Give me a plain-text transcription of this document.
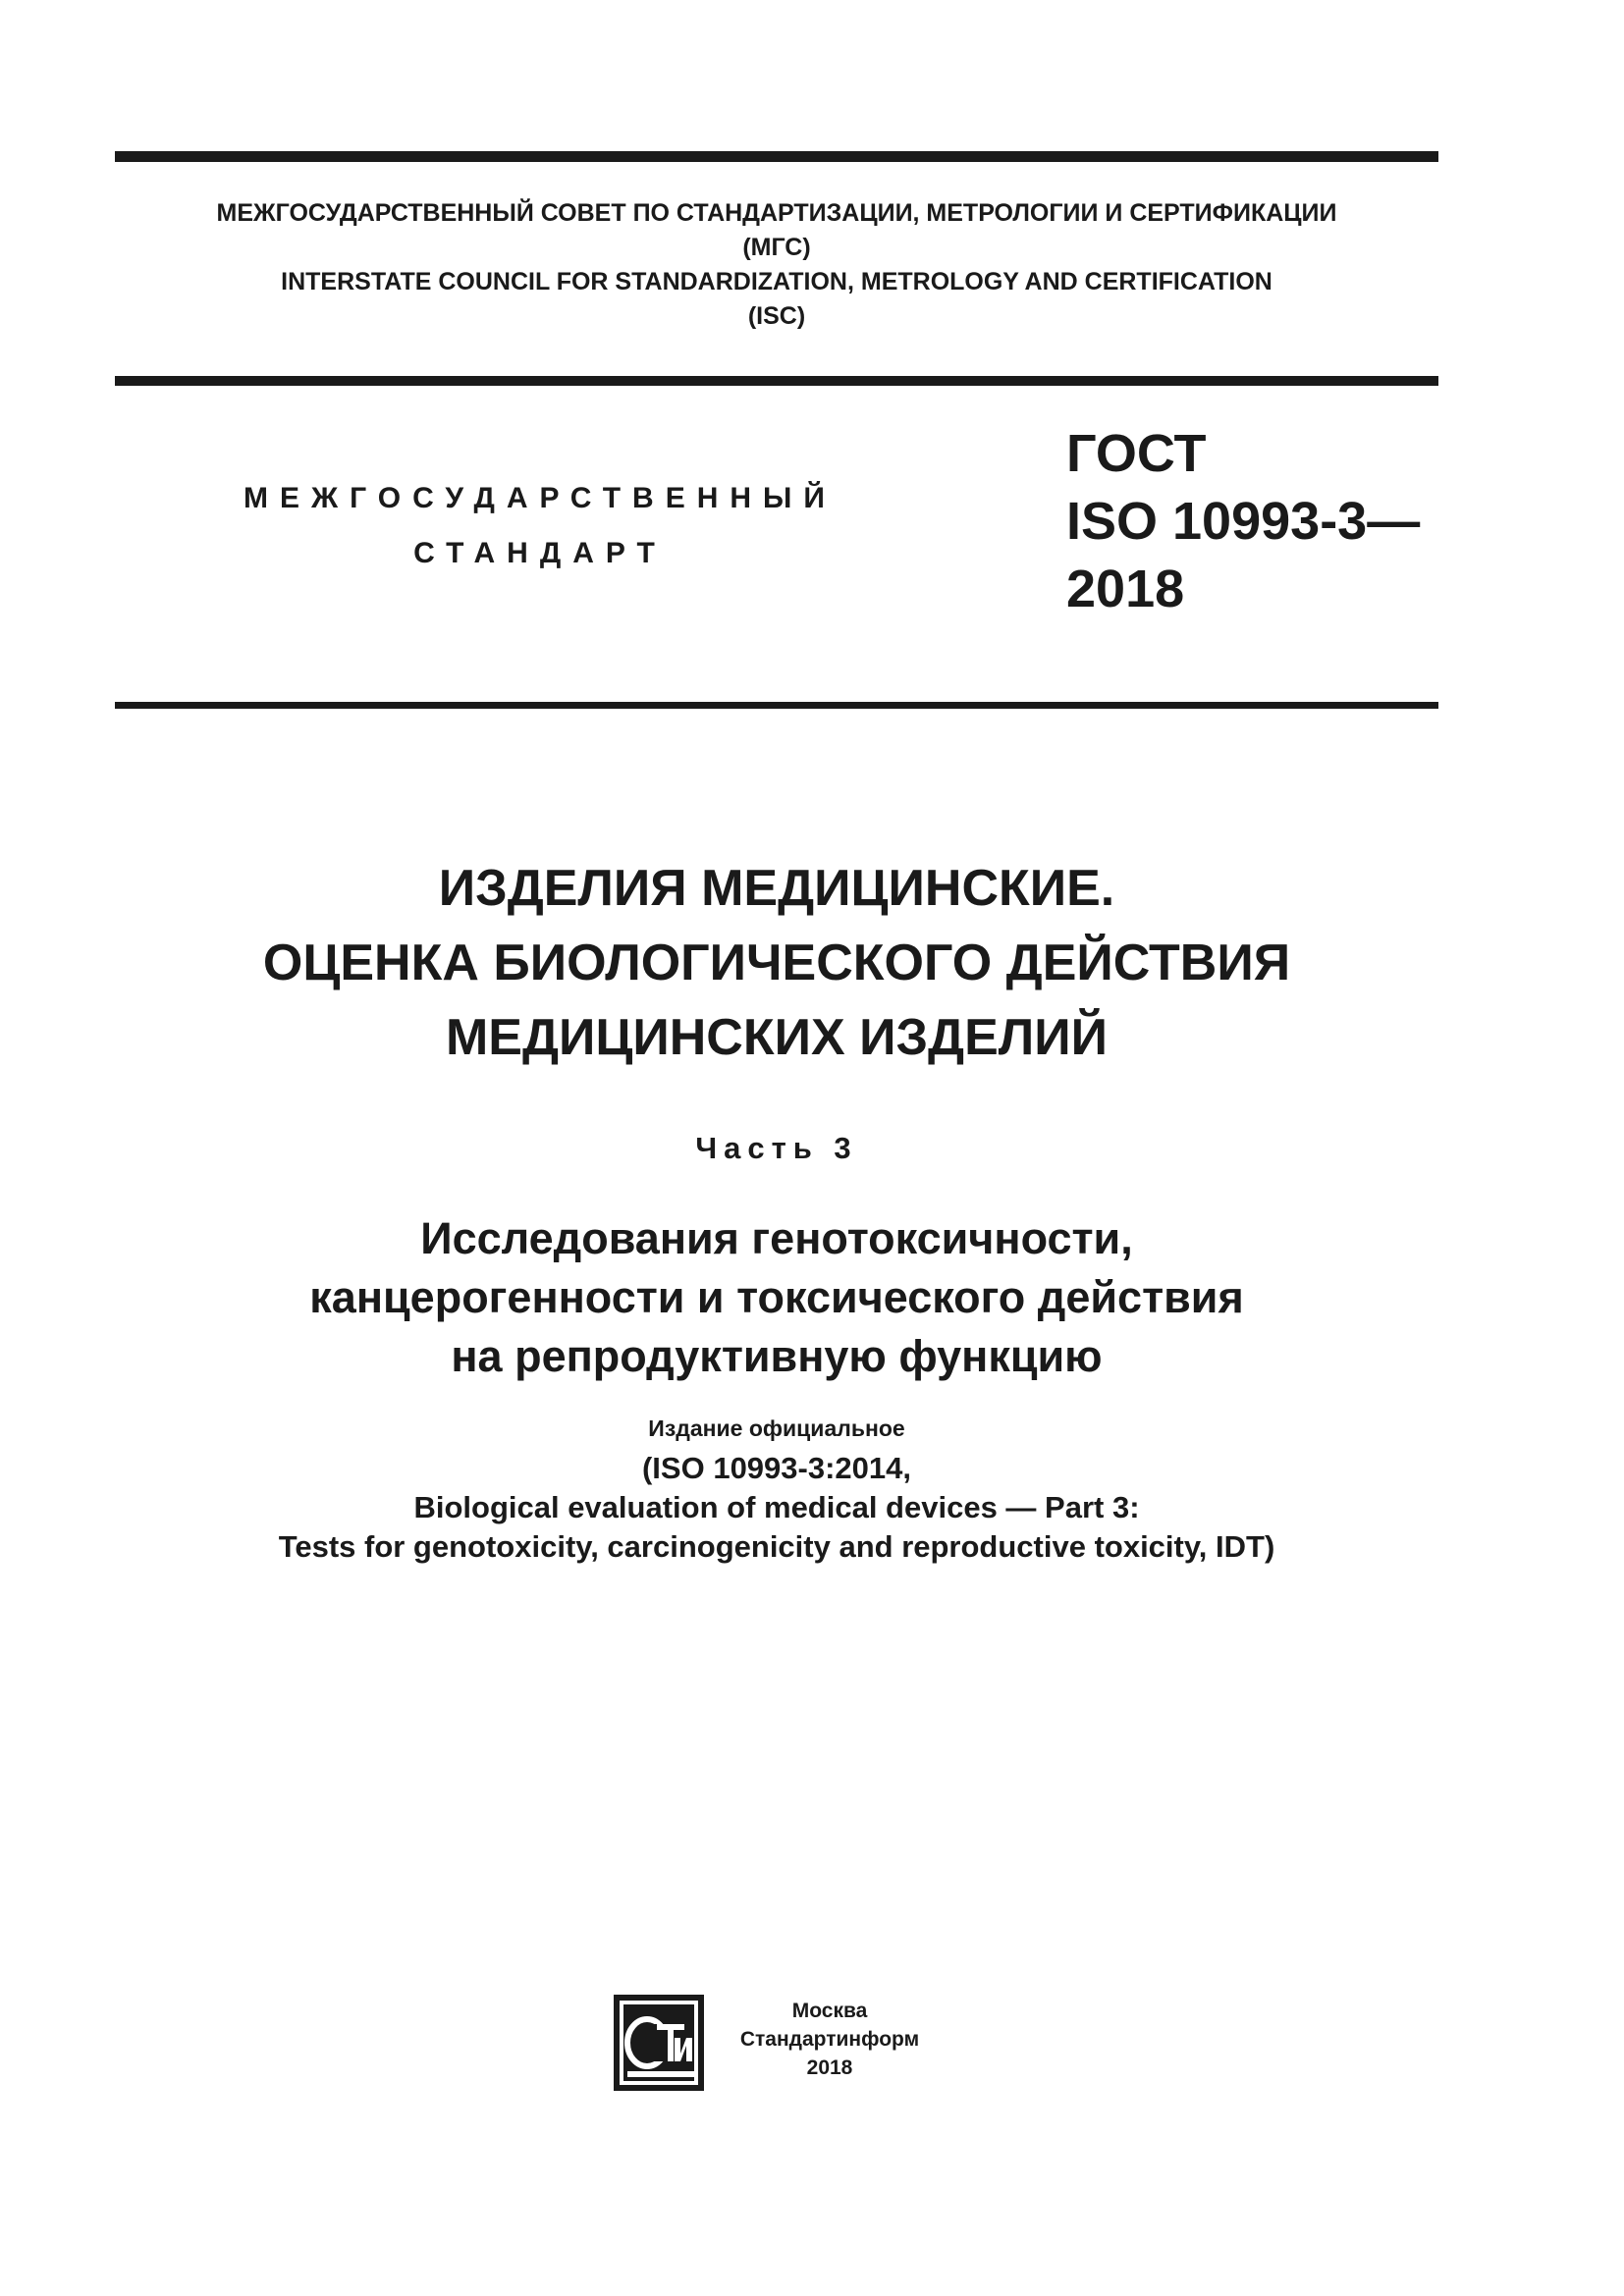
МЕЖГОСУДАРСТВЕННЫЙ СОВЕТ ПО СТАНДАРТИЗАЦИИ, МЕТРОЛОГИИ И СЕРТИФИКАЦИИ
(МГС)
INTERSTATE COUNCIL FOR STANDARDIZATION, METROLOGY AND CERTIFICATION
(ISC)
МЕЖГОСУДАРСТВЕННЫЙ
СТАНДАРТ
ГОСТ
ISO 10993-3—
2018
ИЗДЕЛИЯ МЕДИЦИНСКИЕ.
ОЦЕНКА БИОЛОГИЧЕСКОГО ДЕЙСТВИЯ
МЕДИЦИНСКИХ ИЗДЕЛИЙ
Часть 3
Исследования генотоксичности,
канцерогенности и токсического действия
на репродуктивную функцию
(ISO 10993-3:2014,
Biological evaluation of medical devices — Part 3:
Tests for genotoxicity, carcinogenicity and reproductive toxicity, IDT)
Издание официальное
Москва
Стандартинформ
2018
